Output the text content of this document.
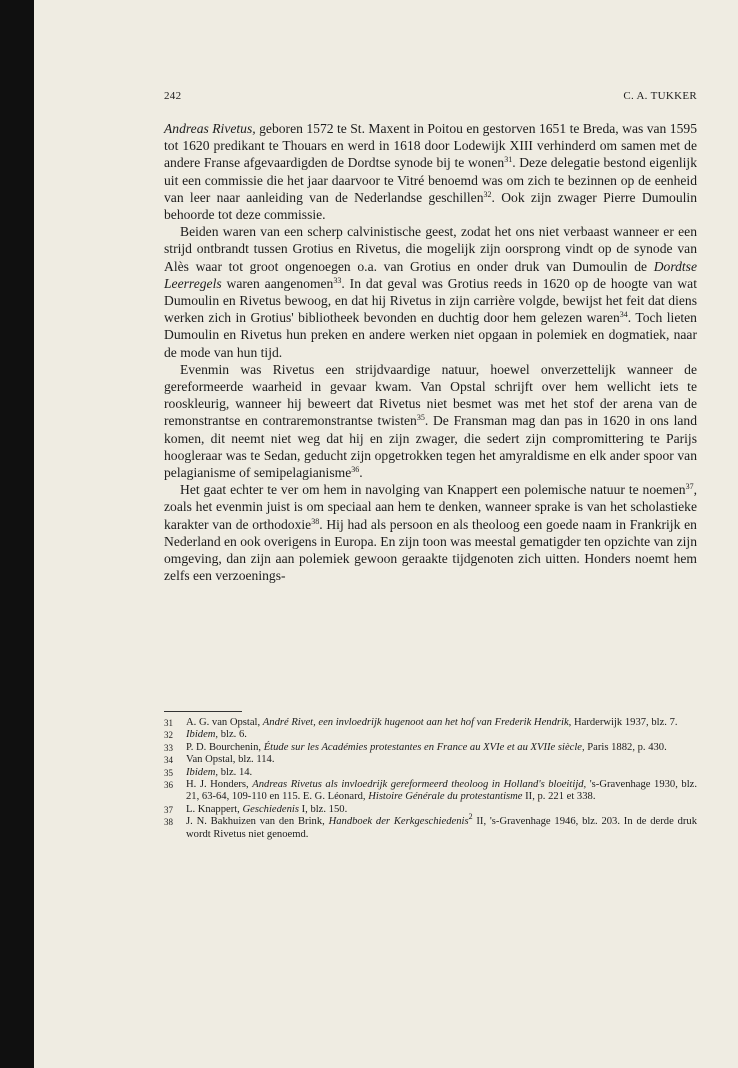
242	C. A. TUKKER

Andreas Rivetus, geboren 1572 te St. Maxent in Poitou en gestorven 1651 te Breda, was van 1595 tot 1620 predikant te Thouars en werd in 1618 door Lodewijk XIII verhinderd om samen met de andere Franse afgevaardigden de Dordtse synode bij te wonen$^{31}$. Deze delegatie bestond eigenlijk uit een commissie die het jaar daarvoor te Vitré benoemd was om zich te bezinnen op de eenheid van leer naar aanleiding van de Nederlandse geschillen$^{32}$. Ook zijn zwager Pierre Dumoulin behoorde tot deze commissie.

Beiden waren van een scherp calvinistische geest, zodat het ons niet verbaast wanneer er een strijd ontbrandt tussen Grotius en Rivetus, die mogelijk zijn oorsprong vindt op de synode van Alès waar tot groot ongenoegen o.a. van Grotius en onder druk van Dumoulin de Dordtse Leerregels waren aangenomen$^{33}$. In dat geval was Grotius reeds in 1620 op de hoogte van wat Dumoulin en Rivetus bewoog, en dat hij Rivetus in zijn carrière volgde, bewijst het feit dat diens werken zich in Grotius' bibliotheek bevonden en duchtig door hem gelezen waren$^{34}$. Toch lieten Dumoulin en Rivetus hun preken en andere werken niet opgaan in polemiek en dogmatiek, naar de mode van hun tijd.

Evenmin was Rivetus een strijdvaardige natuur, hoewel onverzettelijk wanneer de gereformeerde waarheid in gevaar kwam. Van Opstal schrijft over hem wellicht iets te rooskleurig, wanneer hij beweert dat Rivetus niet besmet was met het stof der arena van de remonstrantse en contraremonstrantse twisten$^{35}$. De Fransman mag dan pas in 1620 in ons land komen, dit neemt niet weg dat hij en zijn zwager, die sedert zijn compromittering te Parijs hoogleraar was te Sedan, geducht zijn opgetrokken tegen het amyraldisme en elk ander spoor van pelagianisme of semipelagianisme$^{36}$.

Het gaat echter te ver om hem in navolging van Knappert een polemische natuur te noemen$^{37}$, zoals het evenmin juist is om speciaal aan hem te denken, wanneer sprake is van het scholastieke karakter van de orthodoxie$^{38}$. Hij had als persoon en als theoloog een goede naam in Frankrijk en Nederland en ook overigens in Europa. En zijn toon was meestal gematigder ten opzichte van zijn omgeving, dan zijn aan polemiek gewoon geraakte tijdgenoten zich uitten. Honders noemt hem zelfs een verzoenings-

31	A. G. van Opstal, André Rivet, een invloedrijk hugenoot aan het hof van Frederik Hendrik, Harderwijk 1937, blz. 7.
32	Ibidem, blz. 6.
33	P. D. Bourchenin, Étude sur les Académies protestantes en France au XVIe et au XVIIe siècle, Paris 1882, p. 430.
34	Van Opstal, blz. 114.
35	Ibidem, blz. 14.
36	H. J. Honders, Andreas Rivetus als invloedrijk gereformeerd theoloog in Holland's bloeitijd, 's-Gravenhage 1930, blz. 21, 63-64, 109-110 en 115. E. G. Léonard, Histoire Générale du protestantisme II, p. 221 et 338.
37	L. Knappert, Geschiedenis I, blz. 150.
38	J. N. Bakhuizen van den Brink, Handboek der Kerkgeschiedenis$^2$ II, 's-Gravenhage 1946, blz. 203. In de derde druk wordt Rivetus niet genoemd.
